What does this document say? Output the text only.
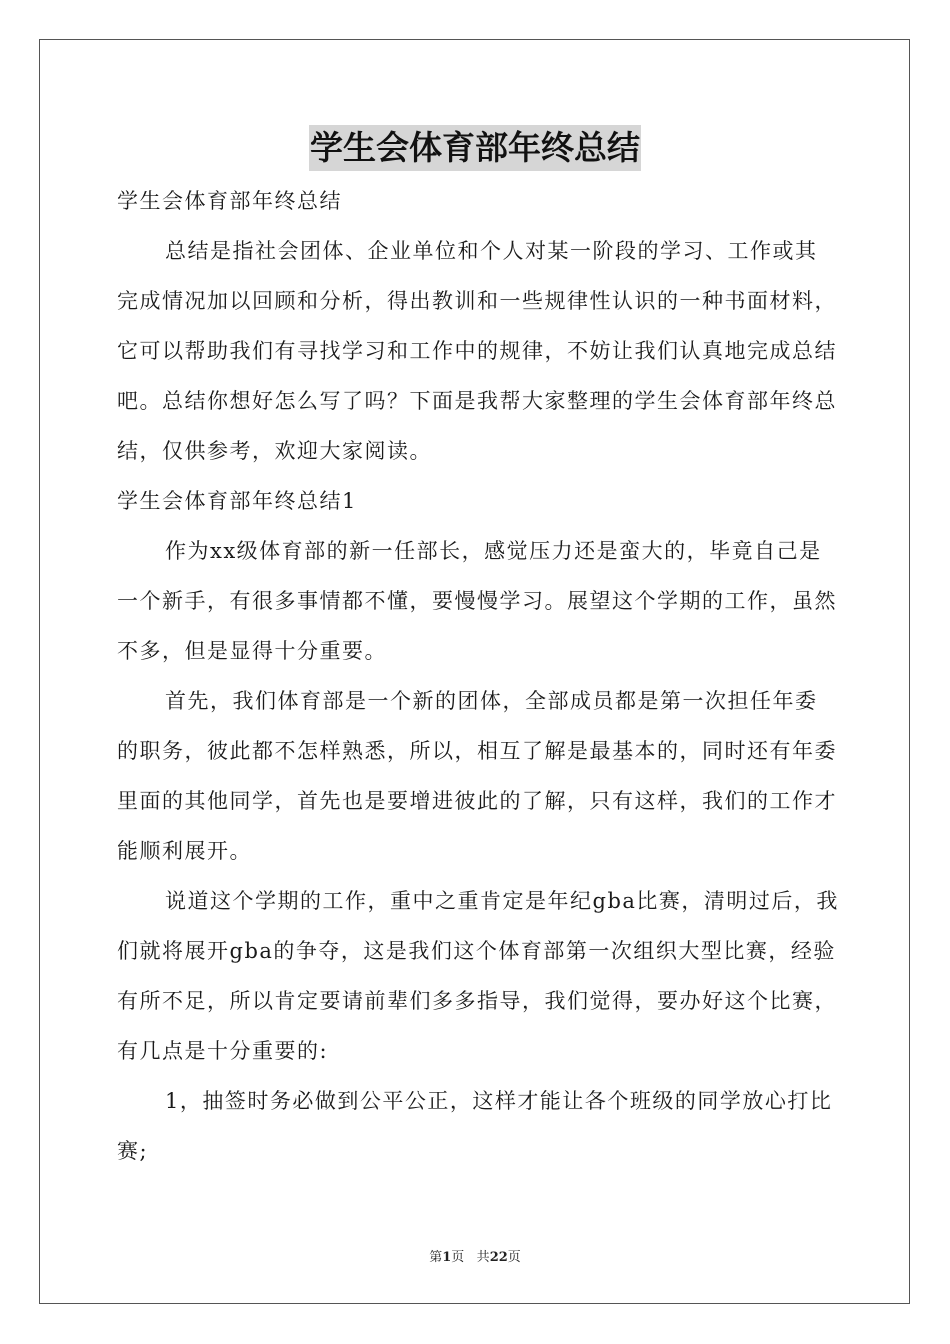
学生会体育部年终总结

学生会体育部年终总结

总结是指社会团体、企业单位和个人对某一阶段的学习、工作或其完成情况加以回顾和分析，得出教训和一些规律性认识的一种书面材料，它可以帮助我们有寻找学习和工作中的规律，不妨让我们认真地完成总结吧。总结你想好怎么写了吗？下面是我帮大家整理的学生会体育部年终总结，仅供参考，欢迎大家阅读。

学生会体育部年终总结1

作为xx级体育部的新一任部长，感觉压力还是蛮大的，毕竟自己是一个新手，有很多事情都不懂，要慢慢学习。展望这个学期的工作，虽然不多，但是显得十分重要。

首先，我们体育部是一个新的团体，全部成员都是第一次担任年委的职务，彼此都不怎样熟悉，所以，相互了解是最基本的，同时还有年委里面的其他同学，首先也是要增进彼此的了解，只有这样，我们的工作才能顺利展开。

说道这个学期的工作，重中之重肯定是年纪gba比赛，清明过后，我们就将展开gba的争夺，这是我们这个体育部第一次组织大型比赛，经验有所不足，所以肯定要请前辈们多多指导，我们觉得，要办好这个比赛，有几点是十分重要的:

1，抽签时务必做到公平公正，这样才能让各个班级的同学放心打比赛;

第1页 共22页
